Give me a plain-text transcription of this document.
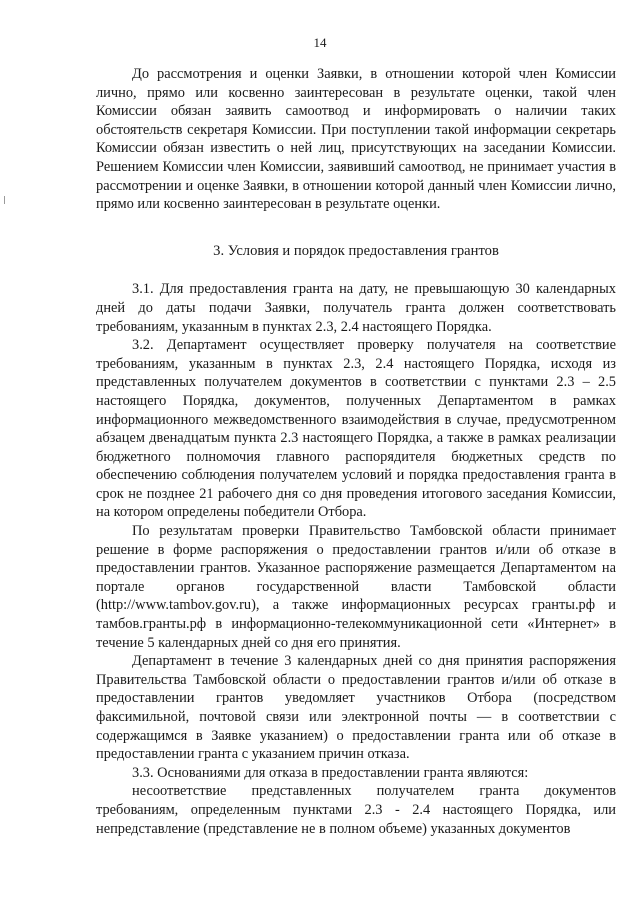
14

До рассмотрения и оценки Заявки, в отношении которой член Комиссии лично, прямо или косвенно заинтересован в результате оценки, такой член Комиссии обязан заявить самоотвод и информировать о наличии таких обстоятельств секретаря Комиссии. При поступлении такой информации секретарь Комиссии обязан известить о ней лиц, присутствующих на заседании Комиссии. Решением Комиссии член Комиссии, заявивший самоотвод, не принимает участия в рассмотрении и оценке Заявки, в отношении которой данный член Комиссии лично, прямо или косвенно заинтересован в результате оценки.

3. Условия и порядок предоставления грантов

3.1. Для предоставления гранта на дату, не превышающую 30 календарных дней до даты подачи Заявки, получатель гранта должен соответствовать требованиям, указанным в пунктах 2.3, 2.4 настоящего Порядка.

3.2. Департамент осуществляет проверку получателя на соответствие требованиям, указанным в пунктах 2.3, 2.4 настоящего Порядка, исходя из представленных получателем документов в соответствии с пунктами 2.3 – 2.5 настоящего Порядка, документов, полученных Департаментом в рамках информационного межведомственного взаимодействия в случае, предусмотренном абзацем двенадцатым пункта 2.3 настоящего Порядка, а также в рамках реализации бюджетного полномочия главного распорядителя бюджетных средств по обеспечению соблюдения получателем условий и порядка предоставления гранта в срок не позднее 21 рабочего дня со дня проведения итогового заседания Комиссии, на котором определены победители Отбора.

По результатам проверки Правительство Тамбовской области принимает решение в форме распоряжения о предоставлении грантов и/или об отказе в предоставлении грантов. Указанное распоряжение размещается Департаментом на портале органов государственной власти Тамбовской области (http://www.tambov.gov.ru), а также информационных ресурсах гранты.рф и тамбов.гранты.рф в информационно-телекоммуникационной сети «Интернет» в течение 5 календарных дней со дня его принятия.

Департамент в течение 3 календарных дней со дня принятия распоряжения Правительства Тамбовской области о предоставлении грантов и/или об отказе в предоставлении грантов уведомляет участников Отбора (посредством факсимильной, почтовой связи или электронной почты — в соответствии с содержащимся в Заявке указанием) о предоставлении гранта или об отказе в предоставлении гранта с указанием причин отказа.

3.3. Основаниями для отказа в предоставлении гранта являются:

несоответствие представленных получателем гранта документов требованиям, определенным пунктами 2.3 - 2.4 настоящего Порядка, или непредставление (представление не в полном объеме) указанных документов
